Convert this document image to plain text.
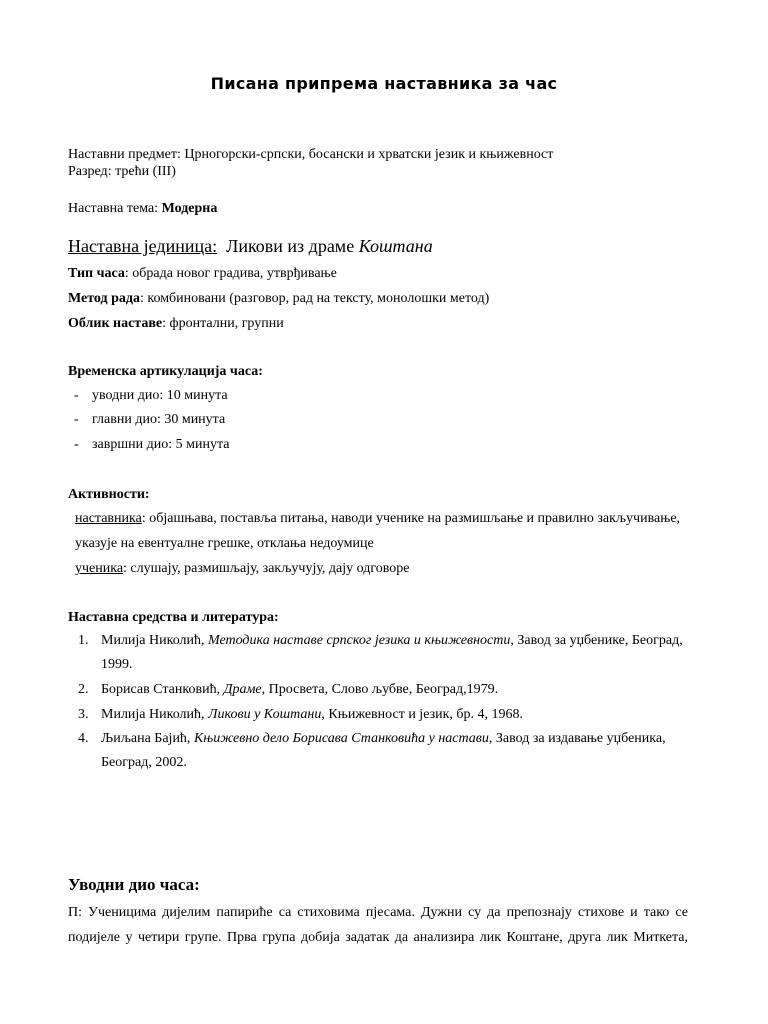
Писана припрема наставника за час
Наставни предмет: Црногорски-српски, босански и хрватски језик и књижевност
Разред: трећи (III)
Наставна тема: Модерна
Наставна јединица: Ликови из драме Коштана
Тип часа: обрада новог градива, утврђивање
Метод рада: комбиновани (разговор, рад на тексту, монолошки метод)
Облик наставе: фронтални, групни
Временска артикулација часа:
- уводни дио: 10 минута
- главни дио: 30 минута
- завршни дио: 5 минута
Активности:
наставника: објашњава, поставља питања, наводи ученике на размишљање и правилно закључивање,
указује на евентуалне грешке, отклања недоумице
ученика: слушају, размишљају, закључују, дају одговоре
Наставна средства и литература:
1. Милија Николић, Методика наставе српског језика и књижевности, Завод за уџбенике, Београд,
1999.
2. Борисав Станковић, Драме, Просвета, Слово љубве, Београд,1979.
3. Милија Николић, Ликови у Коштани, Књижевност и језик, бр. 4, 1968.
4. Љиљана Бајић, Књижевно дело Борисава Станковића у настави, Завод за издавање уџбеника,
Београд, 2002.
Уводни дио часа:
П: Ученицима дијелим папириће са стиховима пјесама. Дужни су да препознају стихове и тако се
подијеле у четири групе. Прва група добија задатак да анализира лик Коштане, друга лик Миткета,
